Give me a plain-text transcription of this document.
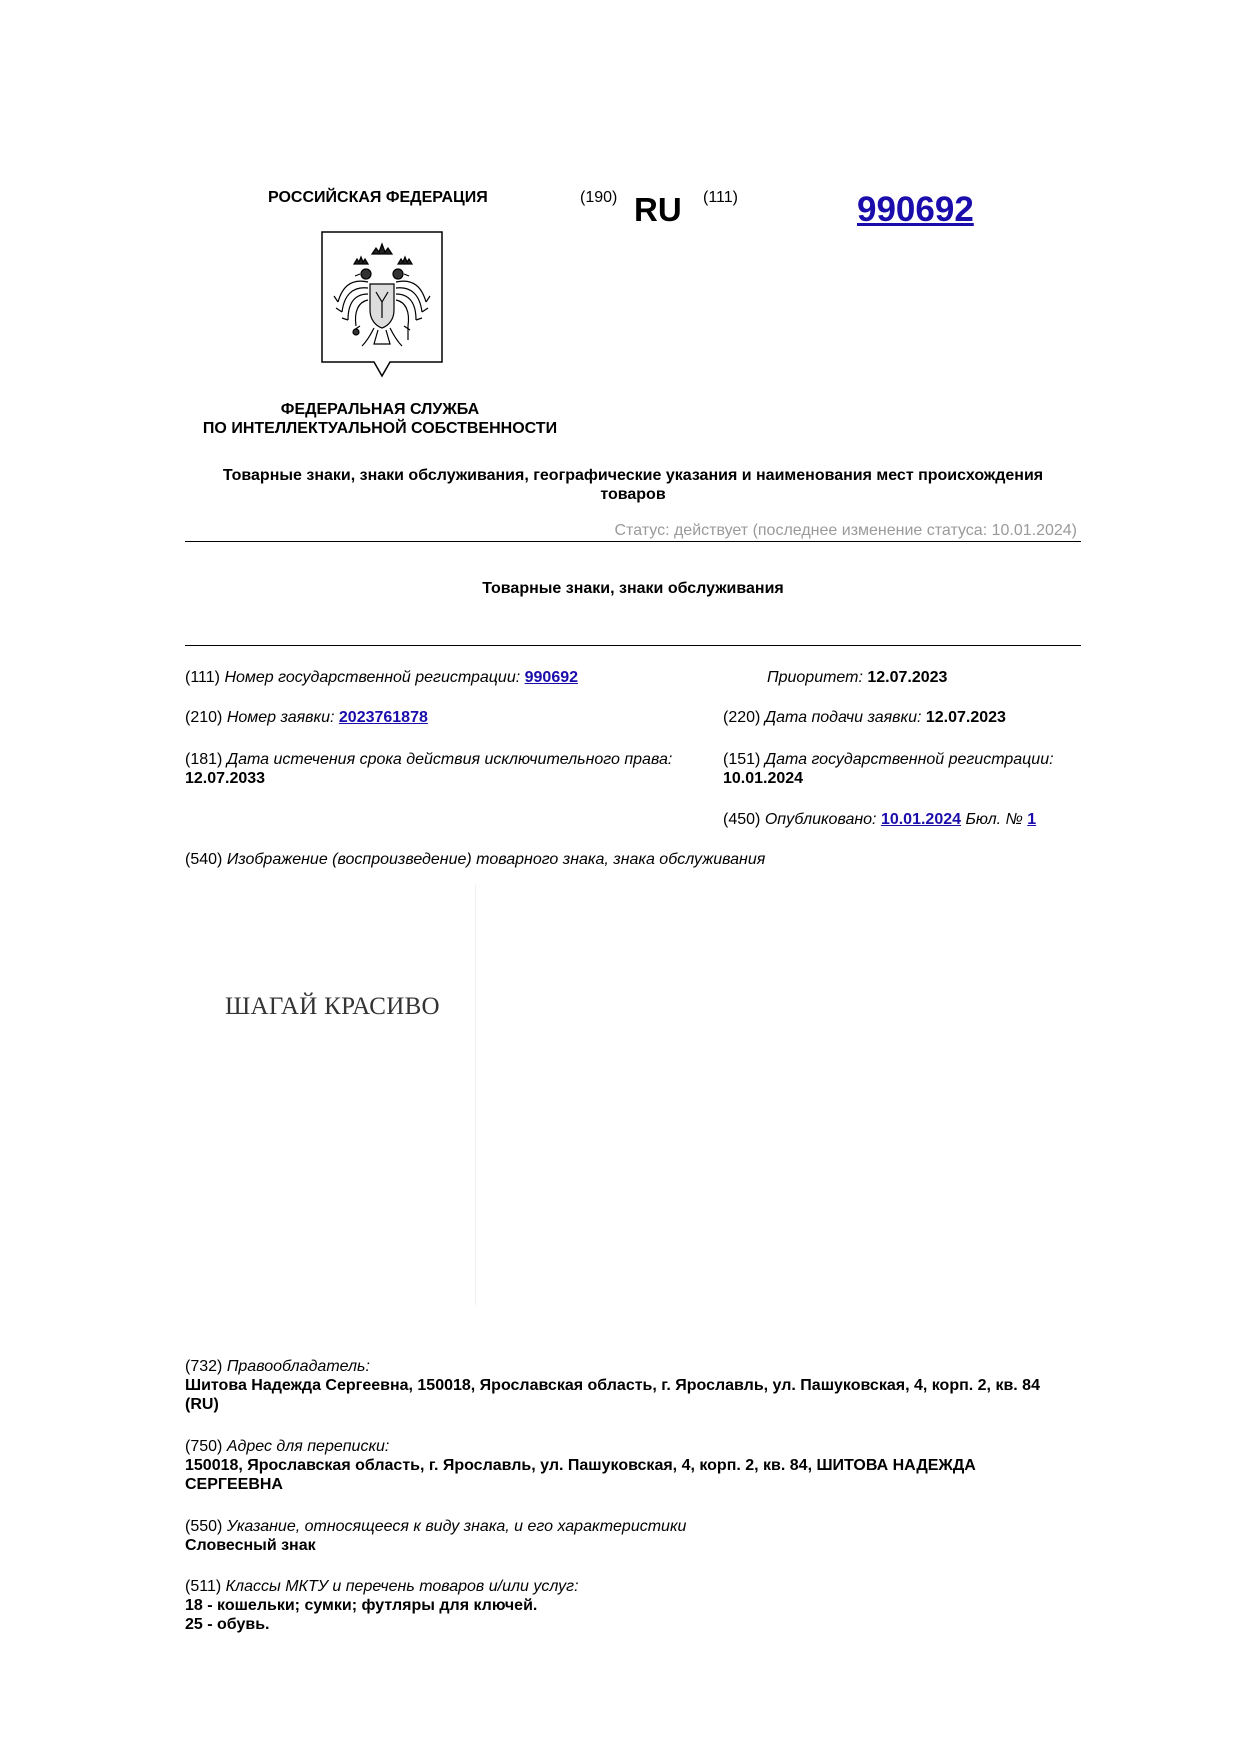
РОССИЙСКАЯ ФЕДЕРАЦИЯ	(190) RU (111)	990692
ФЕДЕРАЛЬНАЯ СЛУЖБА
ПО ИНТЕЛЛЕКТУАЛЬНОЙ СОБСТВЕННОСТИ
Товарные знаки, знаки обслуживания, географические указания и наименования мест происхождения
товаров
Статус: действует (последнее изменение статуса: 10.01.2024)
Товарные знаки, знаки обслуживания
(111) Номер государственной регистрации: 990692	Приоритет: 12.07.2023
(210) Номер заявки: 2023761878	(220) Дата подачи заявки: 12.07.2023
(181) Дата истечения срока действия исключительного права:
12.07.2033
(151) Дата государственной регистрации:
10.01.2024
(450) Опубликовано: 10.01.2024 Бюл. № 1
(540) Изображение (воспроизведение) товарного знака, знака обслуживания
ШАГАЙ КРАСИВО
(732) Правообладатель:
Шитова Надежда Сергеевна, 150018, Ярославская область, г. Ярославль, ул. Пашуковская, 4, корп. 2, кв. 84
(RU)
(750) Адрес для переписки:
150018, Ярославская область, г. Ярославль, ул. Пашуковская, 4, корп. 2, кв. 84, ШИТОВА НАДЕЖДА
СЕРГЕЕВНА
(550) Указание, относящееся к виду знака, и его характеристики
Словесный знак
(511) Классы МКТУ и перечень товаров и/или услуг:
18 - кошельки; сумки; футляры для ключей.
25 - обувь.
